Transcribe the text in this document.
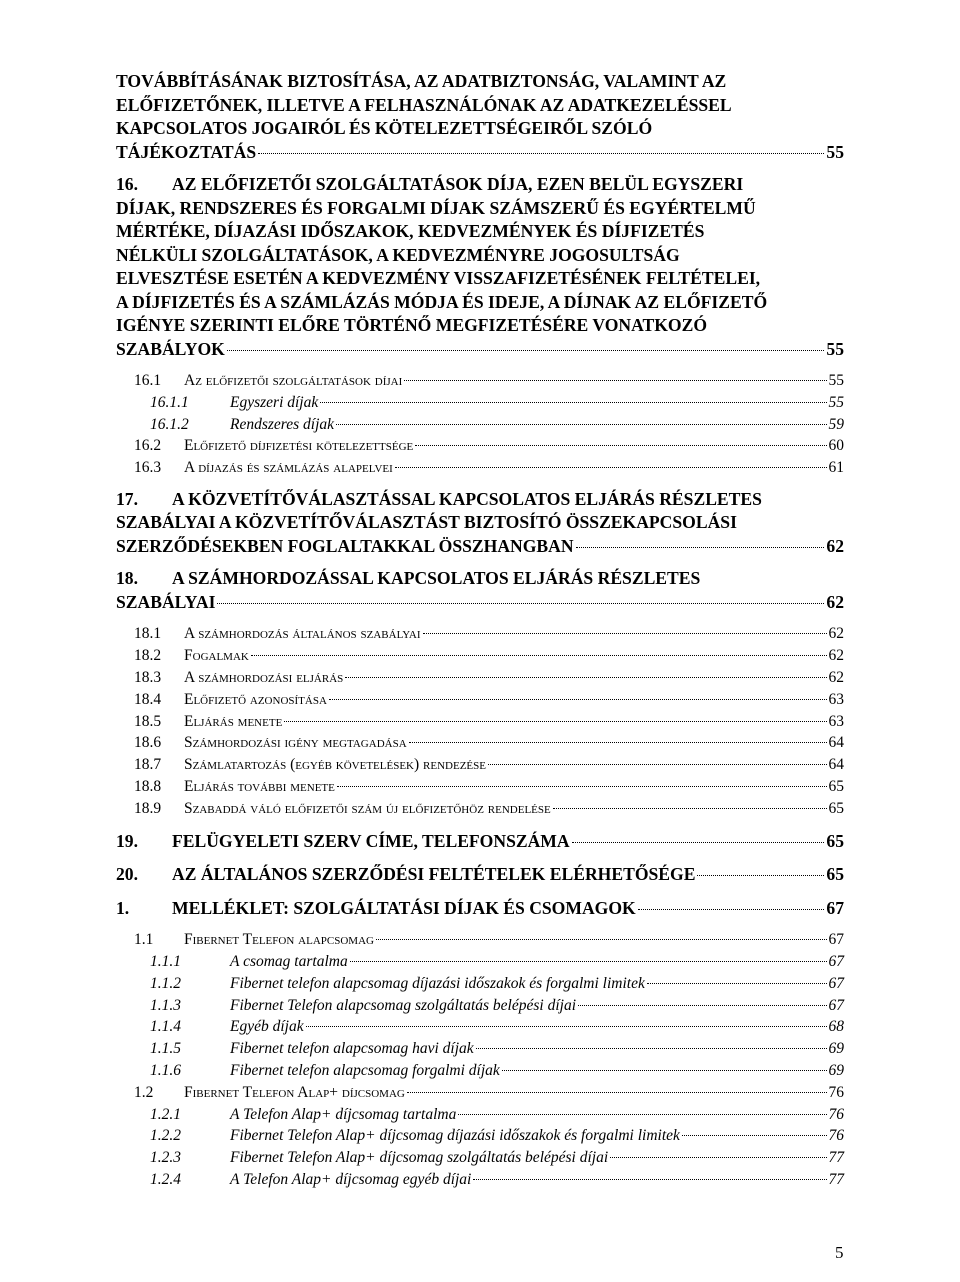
TOVÁBBÍTÁSÁNAK BIZTOSÍTÁSA, AZ ADATBIZTONSÁG, VALAMINT AZ
ELŐFIZETŐNEK, ILLETVE A FELHASZNÁLÓNAK AZ ADATKEZELÉSSEL
KAPCSOLATOS JOGAIRÓL ÉS KÖTELEZETTSÉGEIRŐL SZÓLÓ
TÁJÉKOZTATÁS	55
16. AZ ELŐFIZETŐI SZOLGÁLTATÁSOK DÍJA, EZEN BELÜL EGYSZERI
DÍJAK, RENDSZERES ÉS FORGALMI DÍJAK SZÁMSZERŰ ÉS EGYÉRTELMŰ
MÉRTÉKE, DÍJAZÁSI IDŐSZAKOK, KEDVEZMÉNYEK ÉS DÍJFIZETÉS
NÉLKÜLI SZOLGÁLTATÁSOK, A KEDVEZMÉNYRE JOGOSULTSÁG
ELVESZTÉSE ESETÉN A KEDVEZMÉNY VISSZAFIZETÉSÉNEK FELTÉTELEI,
A DÍJFIZETÉS ÉS A SZÁMLÁZÁS MÓDJA ÉS IDEJE, A DÍJNAK AZ ELŐFIZETŐ
IGÉNYE SZERINTI ELŐRE TÖRTÉNŐ MEGFIZETÉSÉRE VONATKOZÓ
SZABÁLYOK	55
16.1	Az előfizetői szolgáltatások díjai	55
16.1.1	Egyszeri díjak	55
16.1.2	Rendszeres díjak	59
16.2	Előfizető díjfizetési kötelezettsége	60
16.3	A díjazás és számlázás alapelvei	61
17. A KÖZVETÍTŐVÁLASZTÁSSAL KAPCSOLATOS ELJÁRÁS RÉSZLETES
SZABÁLYAI A KÖZVETÍTŐVÁLASZTÁST BIZTOSÍTÓ ÖSSZEKAPCSOLÁSI
SZERZŐDÉSEKBEN FOGLALTAKKAL ÖSSZHANGBAN	62
18. A SZÁMHORDOZÁSSAL KAPCSOLATOS ELJÁRÁS RÉSZLETES
SZABÁLYAI	62
18.1	A számhordozás általános szabályai	62
18.2	Fogalmak	62
18.3	A számhordozási eljárás	62
18.4	Előfizető azonosítása	63
18.5	Eljárás menete	63
18.6	Számhordozási igény megtagadása	64
18.7	Számlatartozás (egyéb követelések) rendezése	64
18.8	Eljárás további menete	65
18.9	Szabaddá váló előfizetői szám új előfizetőhöz rendelése	65
19.	FELÜGYELETI SZERV CÍME, TELEFONSZÁMA	65
20.	AZ ÁLTALÁNOS SZERZŐDÉSI FELTÉTELEK ELÉRHETŐSÉGE	65
1.	MELLÉKLET: SZOLGÁLTATÁSI DÍJAK ÉS CSOMAGOK	67
1.1	Fibernet Telefon alapcsomag	67
1.1.1	A csomag tartalma	67
1.1.2	Fibernet telefon alapcsomag díjazási időszakok és forgalmi limitek	67
1.1.3	Fibernet Telefon alapcsomag szolgáltatás belépési díjai	67
1.1.4	Egyéb díjak	68
1.1.5	Fibernet telefon alapcsomag havi díjak	69
1.1.6	Fibernet telefon alapcsomag forgalmi díjak	69
1.2	Fibernet Telefon Alap+ díjcsomag	76
1.2.1	A Telefon Alap+ díjcsomag tartalma	76
1.2.2	Fibernet Telefon Alap+ díjcsomag díjazási időszakok és forgalmi limitek	76
1.2.3	Fibernet Telefon Alap+ díjcsomag szolgáltatás belépési díjai	77
1.2.4	A Telefon Alap+ díjcsomag egyéb díjai	77
5
